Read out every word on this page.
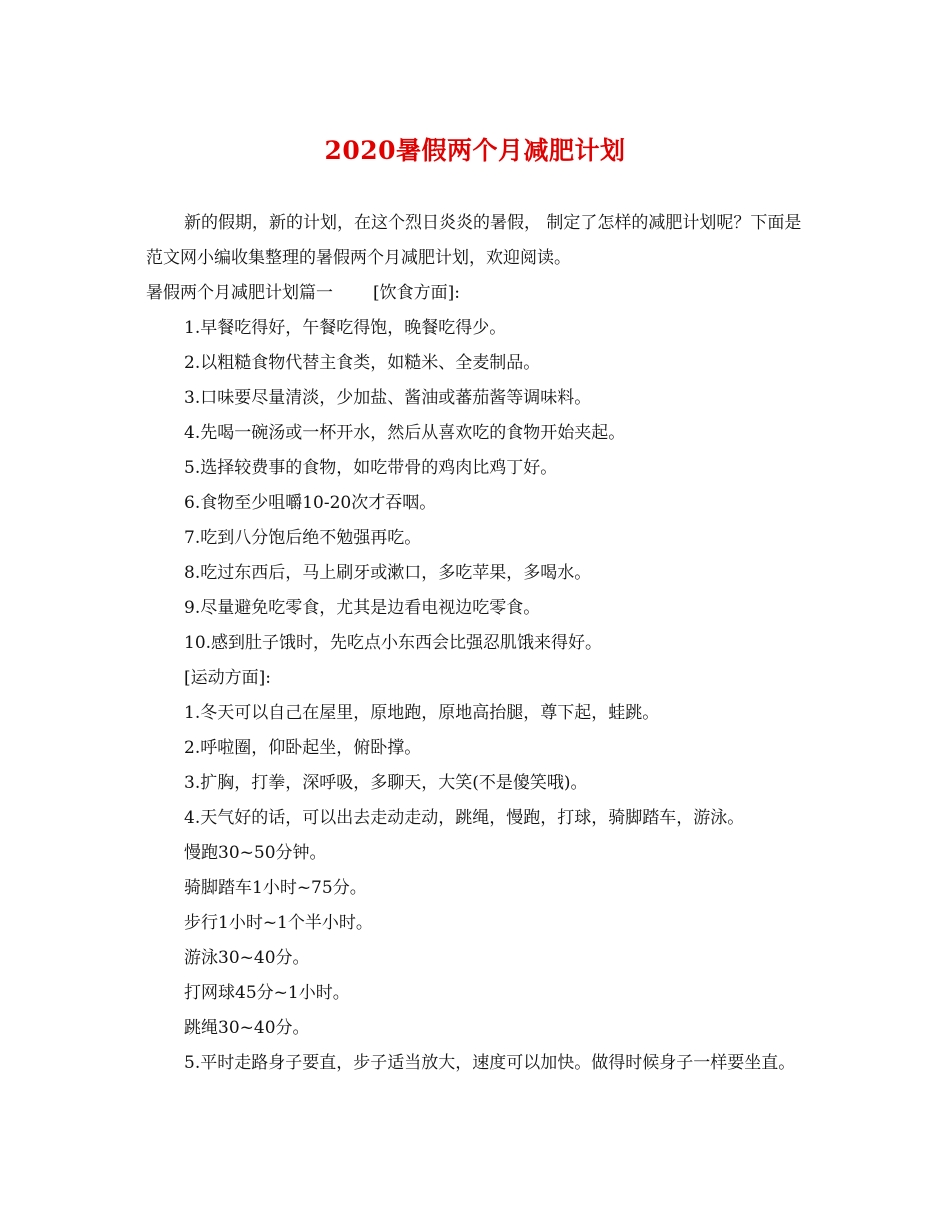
2020暑假两个月减肥计划
新的假期，新的计划，在这个烈日炎炎的暑假， 制定了怎样的减肥计划呢？下面是范文网小编收集整理的暑假两个月减肥计划，欢迎阅读。
暑假两个月减肥计划篇一 [饮食方面]:
1.早餐吃得好，午餐吃得饱，晚餐吃得少。
2.以粗糙食物代替主食类，如糙米、全麦制品。
3.口味要尽量清淡，少加盐、酱油或蕃茄酱等调味料。
4.先喝一碗汤或一杯开水，然后从喜欢吃的食物开始夹起。
5.选择较费事的食物，如吃带骨的鸡肉比鸡丁好。
6.食物至少咀嚼10-20次才吞咽。
7.吃到八分饱后绝不勉强再吃。
8.吃过东西后，马上刷牙或漱口，多吃苹果，多喝水。
9.尽量避免吃零食，尤其是边看电视边吃零食。
10.感到肚子饿时，先吃点小东西会比强忍肌饿来得好。
[运动方面]:
1.冬天可以自己在屋里，原地跑，原地高抬腿，尊下起，蛙跳。
2.呼啦圈，仰卧起坐，俯卧撑。
3.扩胸，打拳，深呼吸，多聊天，大笑(不是傻笑哦)。
4.天气好的话，可以出去走动走动，跳绳，慢跑，打球，骑脚踏车，游泳。
慢跑30~50分钟。
骑脚踏车1小时~75分。
步行1小时~1个半小时。
游泳30~40分。
打网球45分~1小时。
跳绳30~40分。
5.平时走路身子要直，步子适当放大，速度可以加快。做得时候身子一样要坐直。
